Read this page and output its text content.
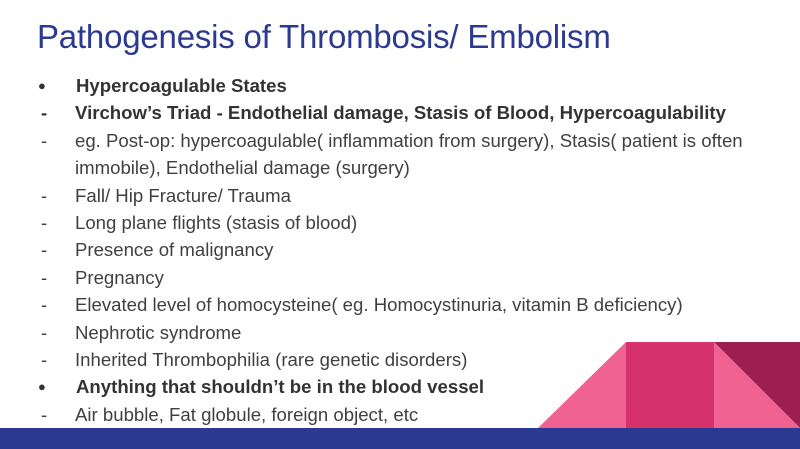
Pathogenesis of Thrombosis/ Embolism
●	Hypercoagulable States
-	Virchow’s Triad - Endothelial damage, Stasis of Blood, Hypercoagulability
-	eg. Post-op: hypercoagulable( inflammation from surgery), Stasis( patient is often immobile), Endothelial damage (surgery)
-	Fall/ Hip Fracture/ Trauma
-	Long plane flights (stasis of blood)
-	Presence of malignancy
-	Pregnancy
-	Elevated level of homocysteine( eg. Homocystinuria, vitamin B deficiency)
-	Nephrotic syndrome
-	Inherited Thrombophilia (rare genetic disorders)
●	Anything that shouldn’t be in the blood vessel
-	Air bubble, Fat globule, foreign object, etc
